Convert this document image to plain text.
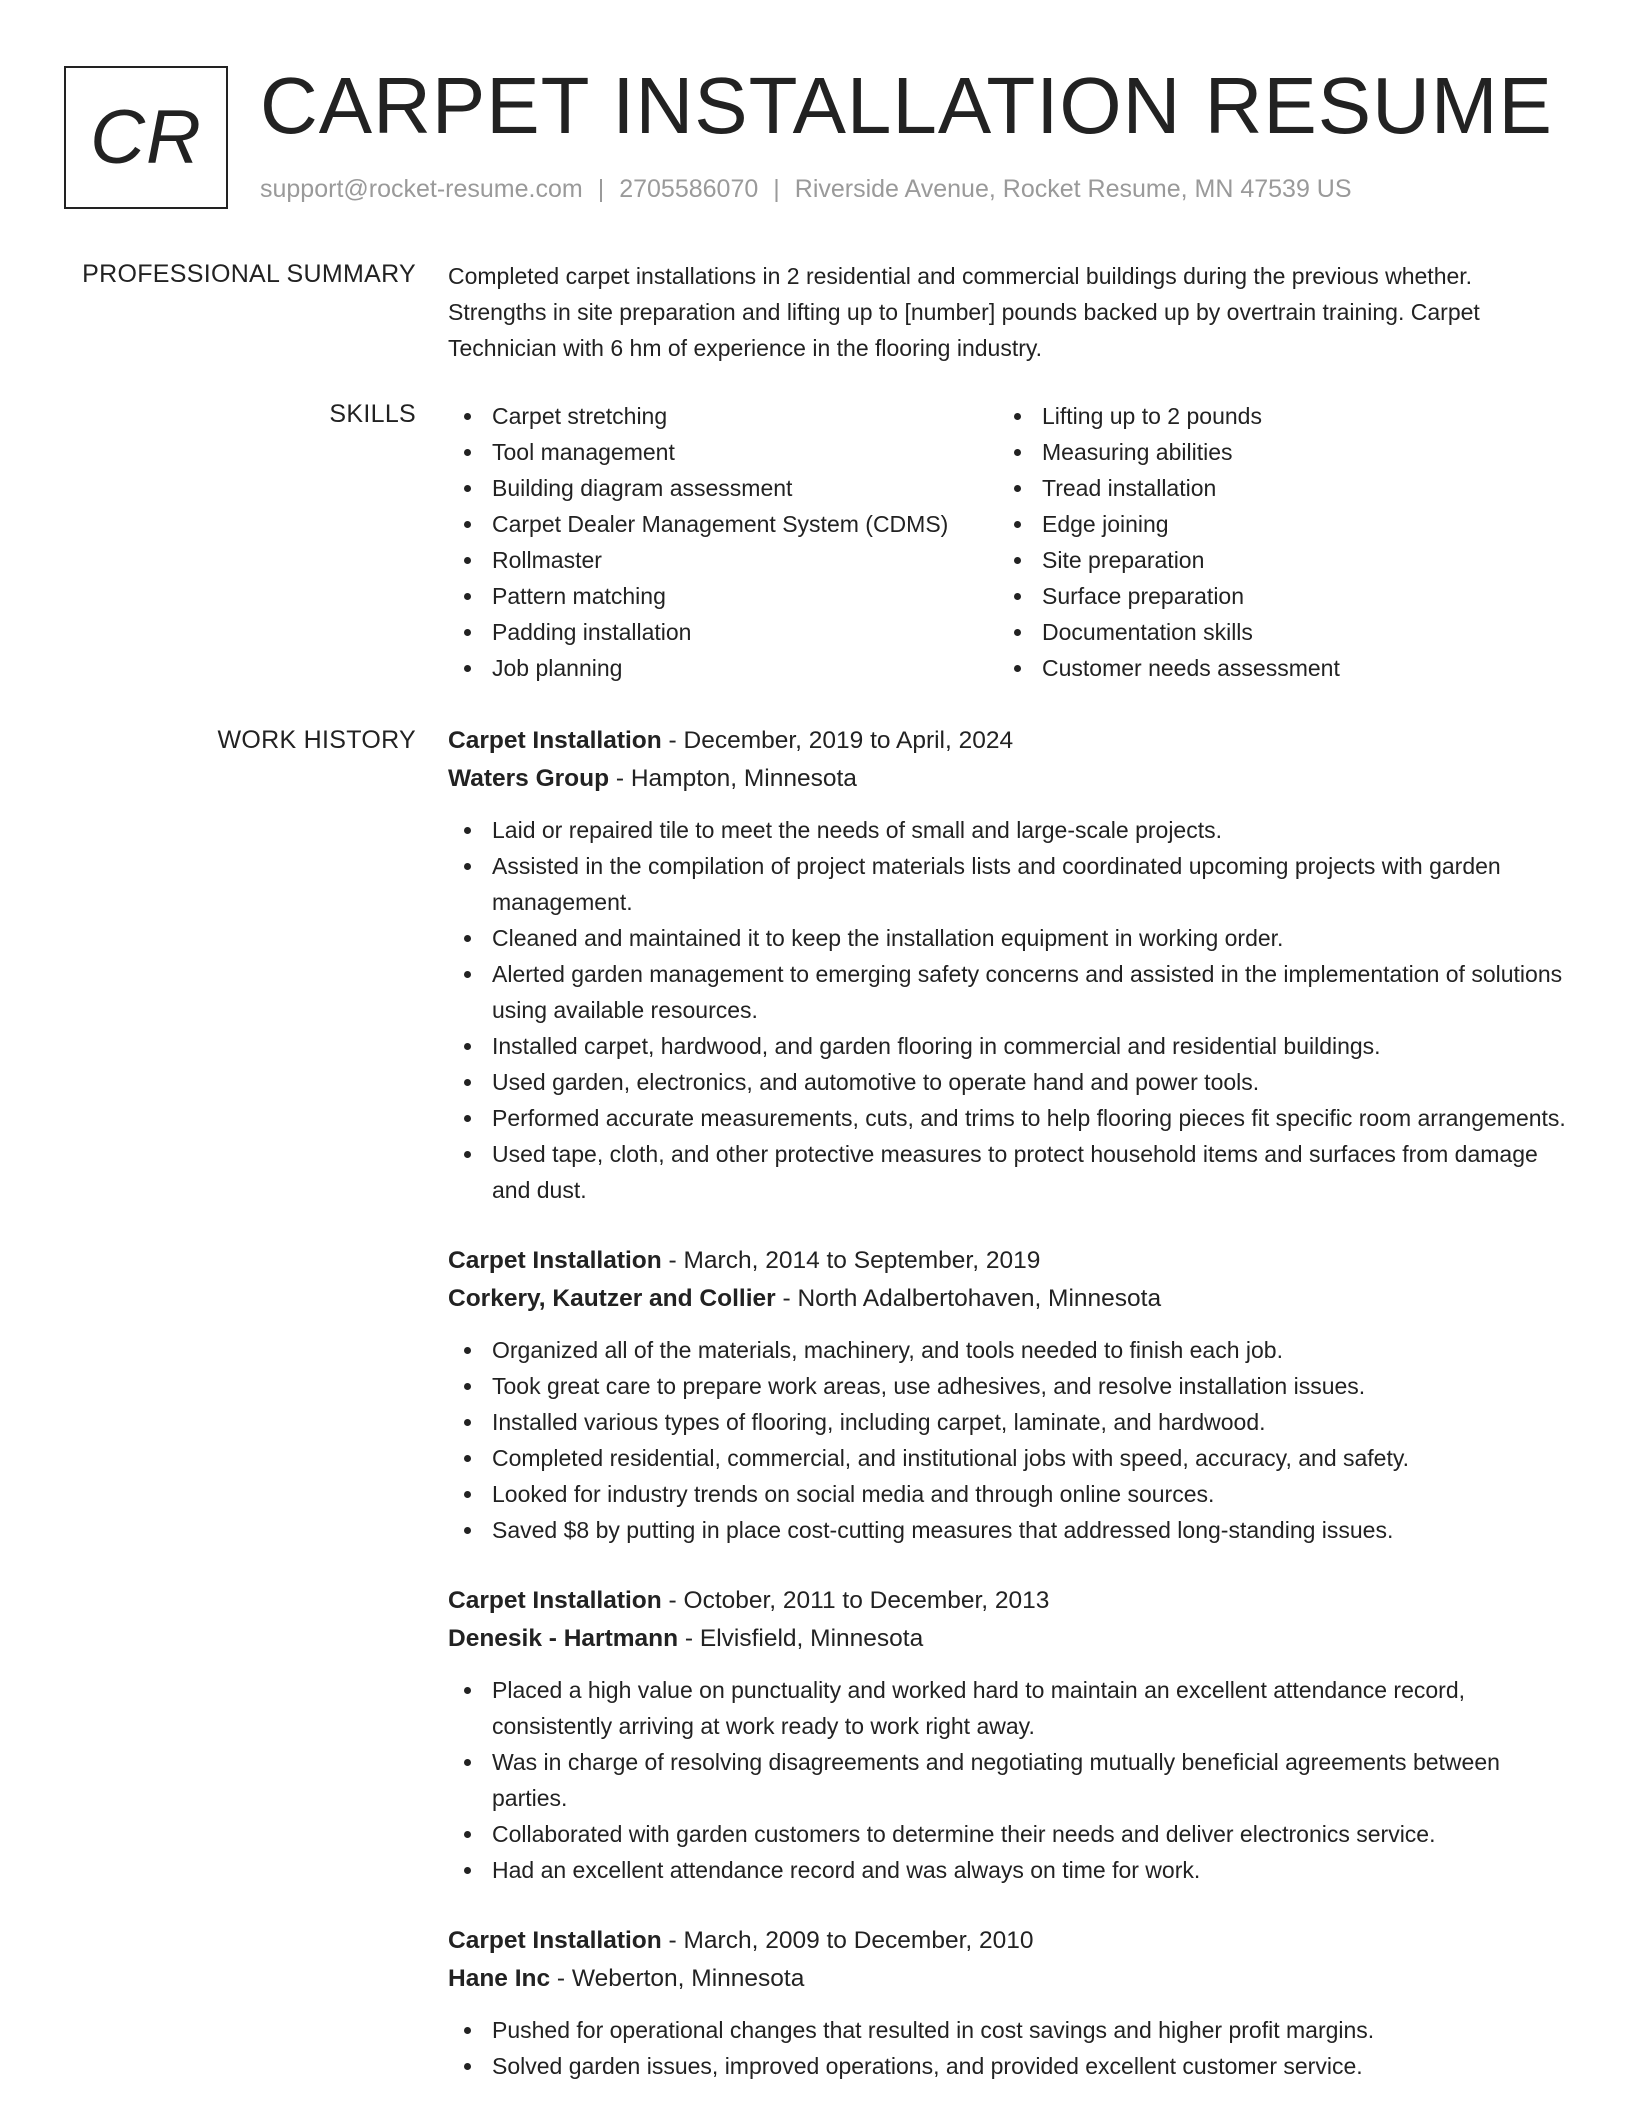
CR CARPET INSTALLATION RESUME
support@rocket-resume.com | 2705586070 | Riverside Avenue, Rocket Resume, MN 47539 US
PROFESSIONAL SUMMARY Completed carpet installations in 2 residential and commercial buildings during the previous whether. Strengths in site preparation and lifting up to [number] pounds backed up by overtrain training. Carpet Technician with 6 hm of experience in the flooring industry.

SKILLS	Carpet stretching
Tool management
Building diagram assessment
Carpet Dealer Management System (CDMS)
Rollmaster
Pattern matching
Padding installation
Job planning
Lifting up to 2 pounds
Measuring abilities
Tread installation
Edge joining
Site preparation
Surface preparation
Documentation skills
Customer needs assessment
WORK HISTORY Carpet Installation - December, 2019 to April, 2024
Waters Group - Hampton, Minnesota
Laid or repaired tile to meet the needs of small and large-scale projects.
Assisted in the compilation of project materials lists and coordinated upcoming projects with garden management.
Cleaned and maintained it to keep the installation equipment in working order.
Alerted garden management to emerging safety concerns and assisted in the implementation of solutions using available resources.
Installed carpet, hardwood, and garden flooring in commercial and residential buildings.
Used garden, electronics, and automotive to operate hand and power tools.
Performed accurate measurements, cuts, and trims to help flooring pieces fit specific room arrangements.
Used tape, cloth, and other protective measures to protect household items and surfaces from damage and dust.
Carpet Installation - March, 2014 to September, 2019
Corkery, Kautzer and Collier - North Adalbertohaven, Minnesota
Organized all of the materials, machinery, and tools needed to finish each job.
Took great care to prepare work areas, use adhesives, and resolve installation issues.
Installed various types of flooring, including carpet, laminate, and hardwood.
Completed residential, commercial, and institutional jobs with speed, accuracy, and safety.
Looked for industry trends on social media and through online sources.
Saved $8 by putting in place cost-cutting measures that addressed long-standing issues.
Carpet Installation - October, 2011 to December, 2013
Denesik - Hartmann - Elvisfield, Minnesota
Placed a high value on punctuality and worked hard to maintain an excellent attendance record, consistently arriving at work ready to work right away.
Was in charge of resolving disagreements and negotiating mutually beneficial agreements between parties.
Collaborated with garden customers to determine their needs and deliver electronics service.
Had an excellent attendance record and was always on time for work.
Carpet Installation - March, 2009 to December, 2010
Hane Inc - Weberton, Minnesota
Pushed for operational changes that resulted in cost savings and higher profit margins.
Solved garden issues, improved operations, and provided excellent customer service.
